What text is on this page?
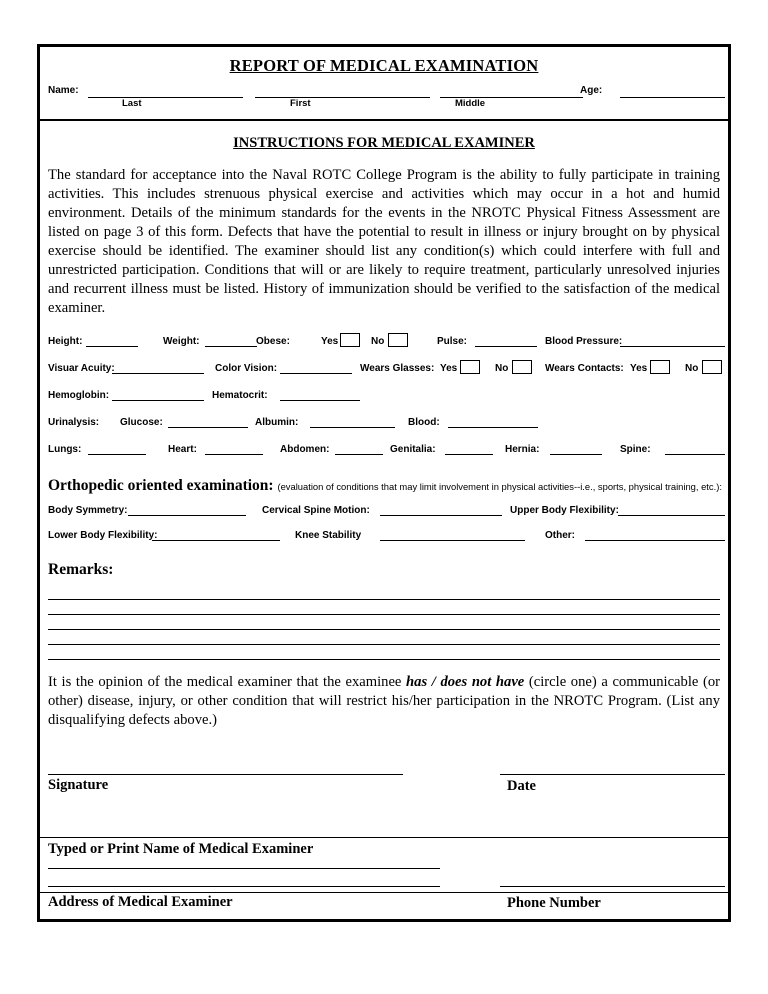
REPORT OF MEDICAL EXAMINATION
Name:
Last	First	Middle
Age:
INSTRUCTIONS FOR MEDICAL EXAMINER
The standard for acceptance into the Naval ROTC College Program is the ability to fully participate in training activities. This includes strenuous physical exercise and activities which may occur in a hot and humid environment. Details of the minimum standards for the events in the NROTC Physical Fitness Assessment are listed on page 3 of this form. Defects that have the potential to result in illness or injury brought on by physical exercise should be identified. The examiner should list any condition(s) which could interfere with full and unrestricted participation. Conditions that will or are likely to require treatment, particularly unresolved injuries and recurrent illness must be listed. History of immunization should be verified to the satisfaction of the medical examiner.
Height:	Weight:	Obese:	Yes	No	Pulse:	Blood Pressure:
Visuar Acuity:	Color Vision:	Wears Glasses: Yes	No	Wears Contacts: Yes	No
Hemoglobin:	Hematocrit:
Urinalysis: Glucose:	Albumin:	Blood:
Lungs:	Heart:	Abdomen:	Genitalia:	Hernia:	Spine:
Orthopedic oriented examination: (evaluation of conditions that may limit involvement in physical activities--i.e., sports, physical training, etc.):
Body Symmetry:	Cervical Spine Motion:	Upper Body Flexibility:
Lower Body Flexibility:	Knee Stability	Other:
Remarks:
It is the opinion of the medical examiner that the examinee has / does not have (circle one) a communicable (or other) disease, injury, or other condition that will restrict his/her participation in the NROTC Program. (List any disqualifying defects above.)
Signature	Date
Typed or Print Name of Medical Examiner
Address of Medical Examiner	Phone Number
